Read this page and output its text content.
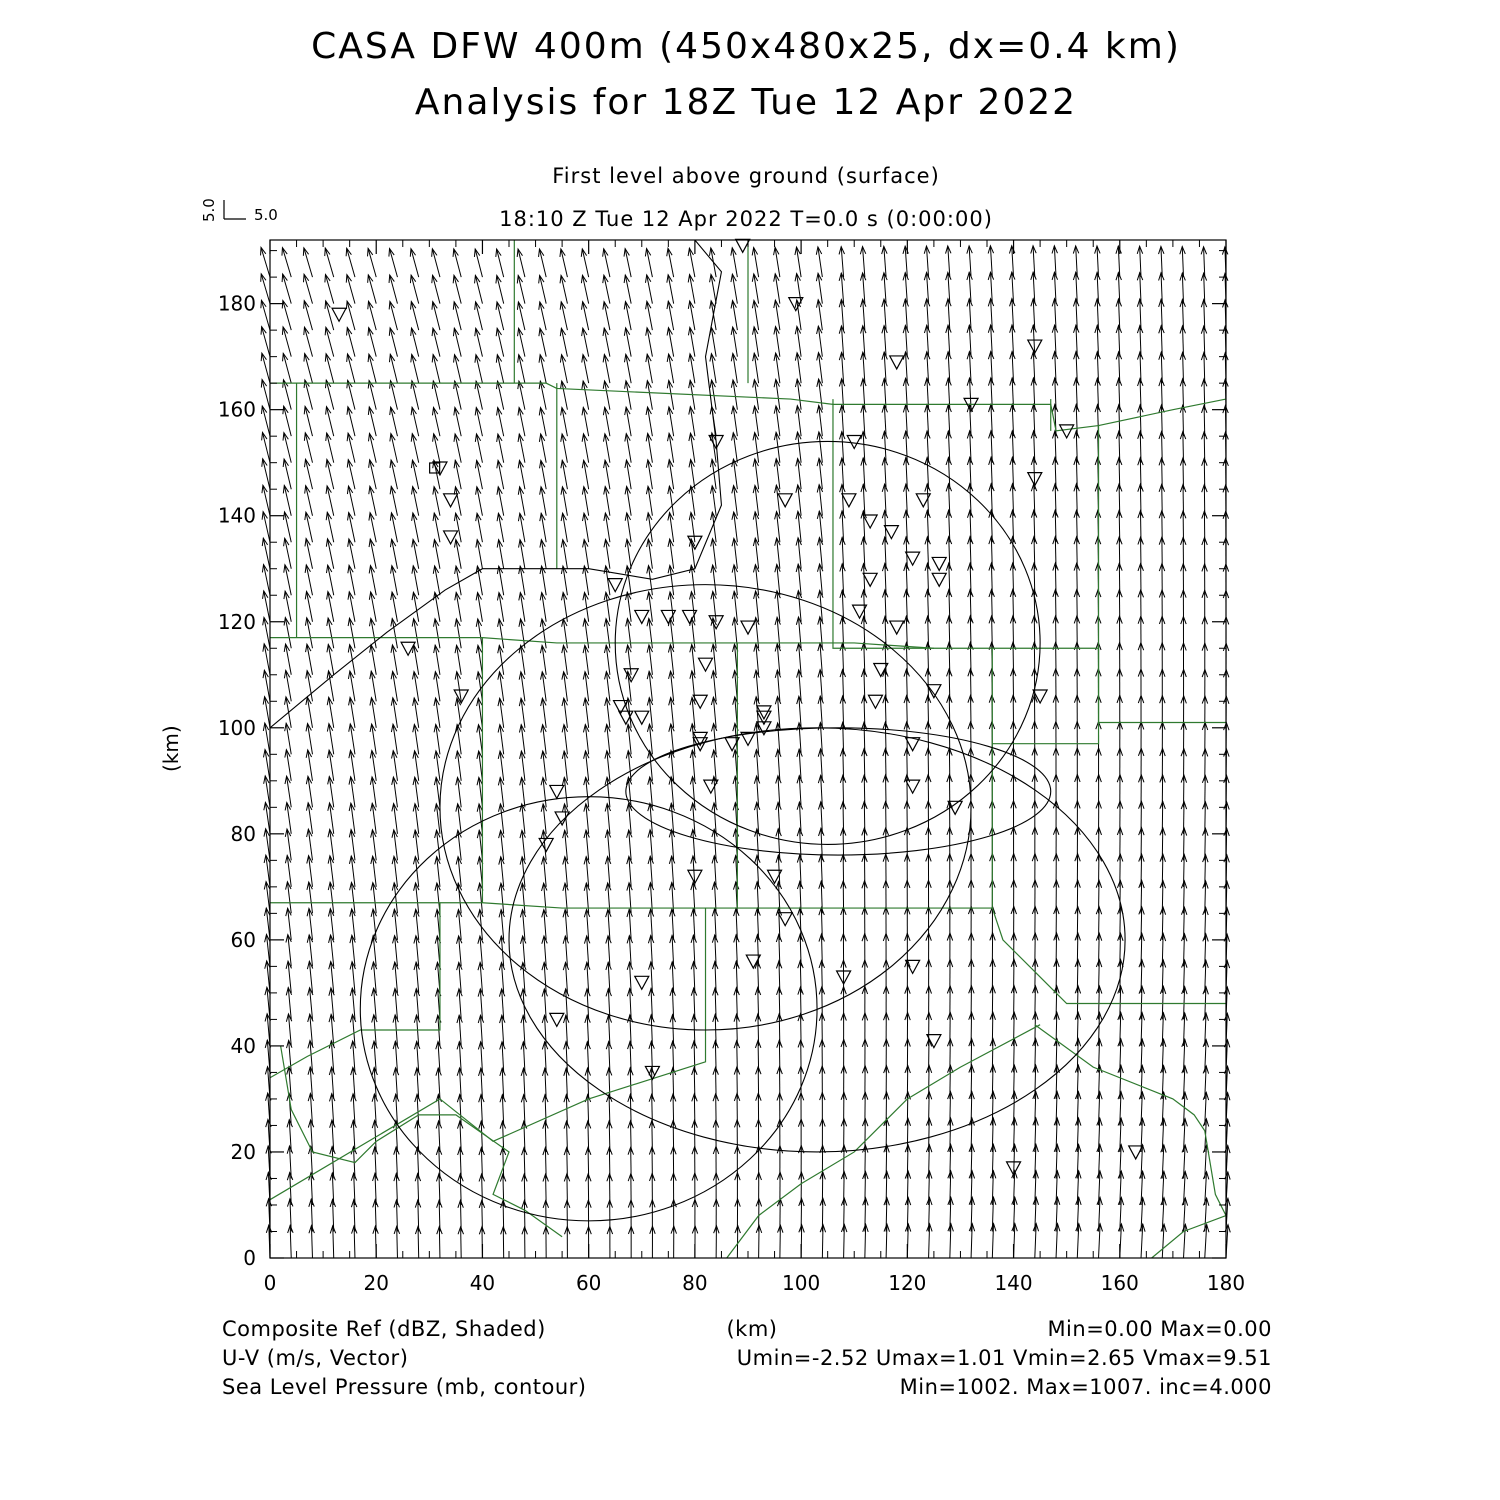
CASA DFW 400m (450x480x25, dx=0.4 km)
Analysis for 18Z Tue 12 Apr 2022
First level above ground (surface)
18:10 Z Tue 12 Apr 2022 T=0.0 s (0:00:00)
5.0 5.0
0	20	40	60	80	100	120	140	160	180
0
20
40
60
80
100
120
140
160
180
(km)
Composite Ref (dBZ, Shaded)
U-V (m/s, Vector)
Sea Level Pressure (mb, contour)
(km)	Min=0.00 Max=0.00
Umin=-2.52 Umax=1.01 Vmin=2.65 Vmax=9.51
Min=1002. Max=1007. inc=4.000
